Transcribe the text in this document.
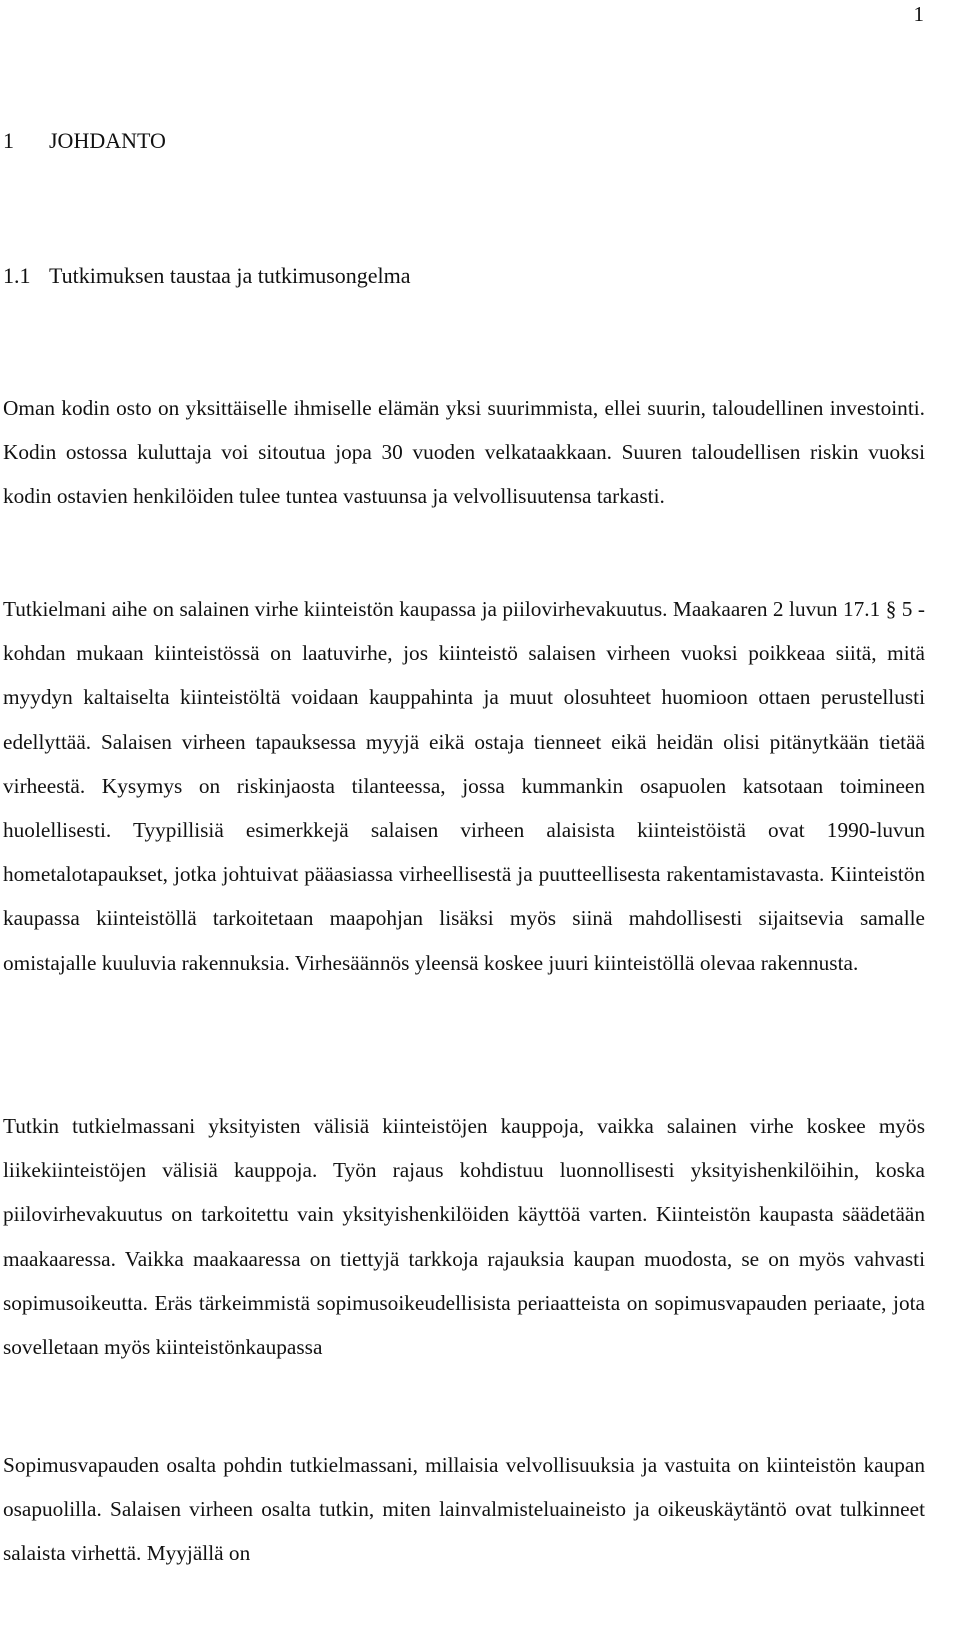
1
1 JOHDANTO
1.1 Tutkimuksen taustaa ja tutkimusongelma

Oman kodin osto on yksittäiselle ihmiselle elämän yksi suurimmista, ellei suurin, taloudellinen investointi. Kodin ostossa kuluttaja voi sitoutua jopa 30 vuoden velkataakkaan. Suuren taloudellisen riskin vuoksi kodin ostavien henkilöiden tulee tuntea vastuunsa ja velvollisuutensa tarkasti.

Tutkielmani aihe on salainen virhe kiinteistön kaupassa ja piilovirhevakuutus. Maakaaren 2 luvun 17.1 § 5 -kohdan mukaan kiinteistössä on laatuvirhe, jos kiinteistö salaisen virheen vuoksi poikkeaa siitä, mitä myydyn kaltaiselta kiinteistöltä voidaan kauppahinta ja muut olosuhteet huomioon ottaen perustellusti edellyttää. Salaisen virheen tapauksessa myyjä eikä ostaja tienneet eikä heidän olisi pitänytkään tietää virheestä. Kysymys on riskinjaosta tilanteessa, jossa kummankin osapuolen katsotaan toimineen huolellisesti. Tyypillisiä esimerkkejä salaisen virheen alaisista kiinteistöistä ovat 1990-luvun hometalotapaukset, jotka johtuivat pääasiassa virheellisestä ja puutteellisesta rakentamistavasta. Kiinteistön kaupassa kiinteistöllä tarkoitetaan maapohjan lisäksi myös siinä mahdollisesti sijaitsevia samalle omistajalle kuuluvia rakennuksia. Virhesäännös yleensä koskee juuri kiinteistöllä olevaa rakennusta.

Tutkin tutkielmassani yksityisten välisiä kiinteistöjen kauppoja, vaikka salainen virhe koskee myös liikekiinteistöjen välisiä kauppoja. Työn rajaus kohdistuu luonnollisesti yksityishenkilöihin, koska piilovirhevakuutus on tarkoitettu vain yksityishenkilöiden käyttöä varten. Kiinteistön kaupasta säädetään maakaaressa. Vaikka maakaaressa on tiettyjä tarkkoja rajauksia kaupan muodosta, se on myös vahvasti sopimusoikeutta. Eräs tärkeimmistä sopimusoikeudellisista periaatteista on sopimusvapauden periaate, jota sovelletaan myös kiinteistönkaupassa

Sopimusvapauden osalta pohdin tutkielmassani, millaisia velvollisuuksia ja vastuita on kiinteistön kaupan osapuolilla. Salaisen virheen osalta tutkin, miten lainvalmisteluaineisto ja oikeuskäytäntö ovat tulkinneet salaista virhettä. Myyjällä on
